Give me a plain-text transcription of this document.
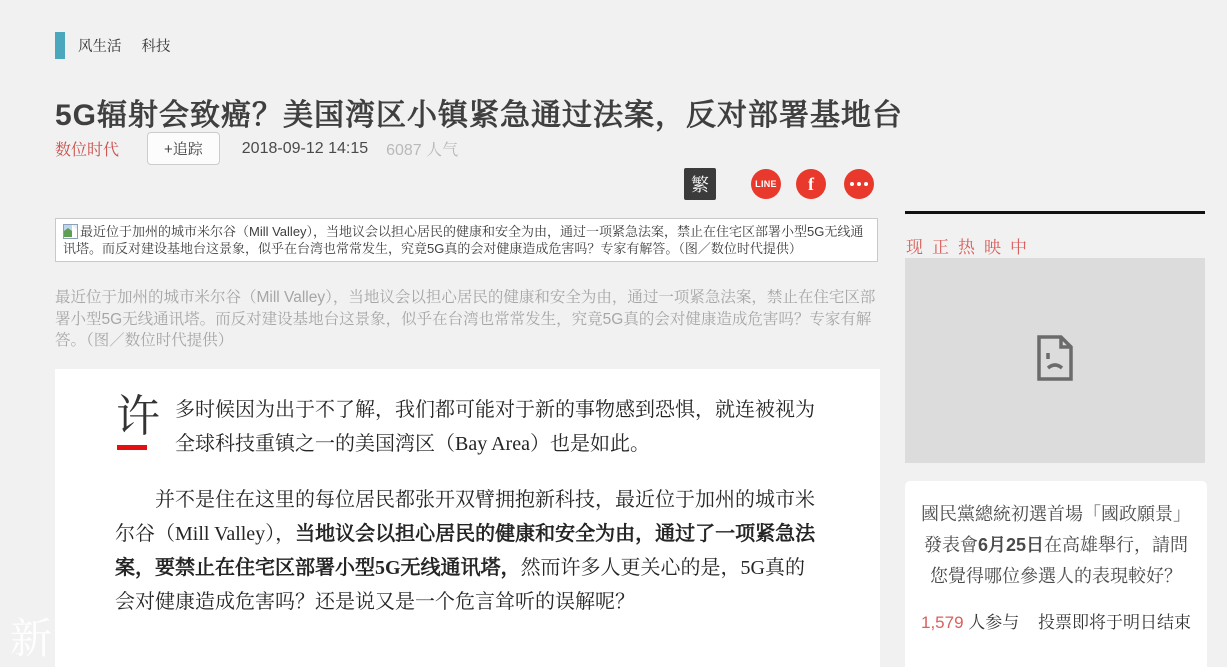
风生活 科技
5G辐射会致癌？美国湾区小镇紧急通过法案，反对部署基地台
数位时代	+追踪	2018-09-12 14:15 6087 人气
繁	LINE	f
最近位于加州的城市米尔谷（Mill Valley），当地议会以担心居民的健康和安全为由，通过一项紧急法案，禁止在住宅区部署小型5G无线通讯塔。而反对建设基地台这景象，似乎在台湾也常常发生，究竟5G真的会对健康造成危害吗？专家有解答。（图／数位时代提供）
最近位于加州的城市米尔谷（Mill Valley），当地议会以担心居民的健康和安全为由，通过一项紧急法案，禁止在住宅区部署小型5G无线通讯塔。而反对建设基地台这景象，似乎在台湾也常常发生，究竟5G真的会对健康造成危害吗？专家有解答。（图／数位时代提供）
许 多时候因为出于不了解，我们都可能对于新的事物感到恐惧，就连被视为全球科技重镇之一的美国湾区（Bay Area）也是如此。

并不是住在这里的每位居民都张开双臂拥抱新科技，最近位于加州的城市米尔谷（Mill Valley），当地议会以担心居民的健康和安全为由，通过了一项紧急法案，要禁止在住宅区部署小型5G无线通讯塔，然而许多人更关心的是，5G真的会对健康造成危害吗？还是说又是一个危言耸听的误解呢？

现正热映中

國民黨總統初選首場「國政願景」發表會6月25日在高雄舉行，請問您覺得哪位參選人的表現較好？

1,579 人参与 投票即将于明日结束
新
